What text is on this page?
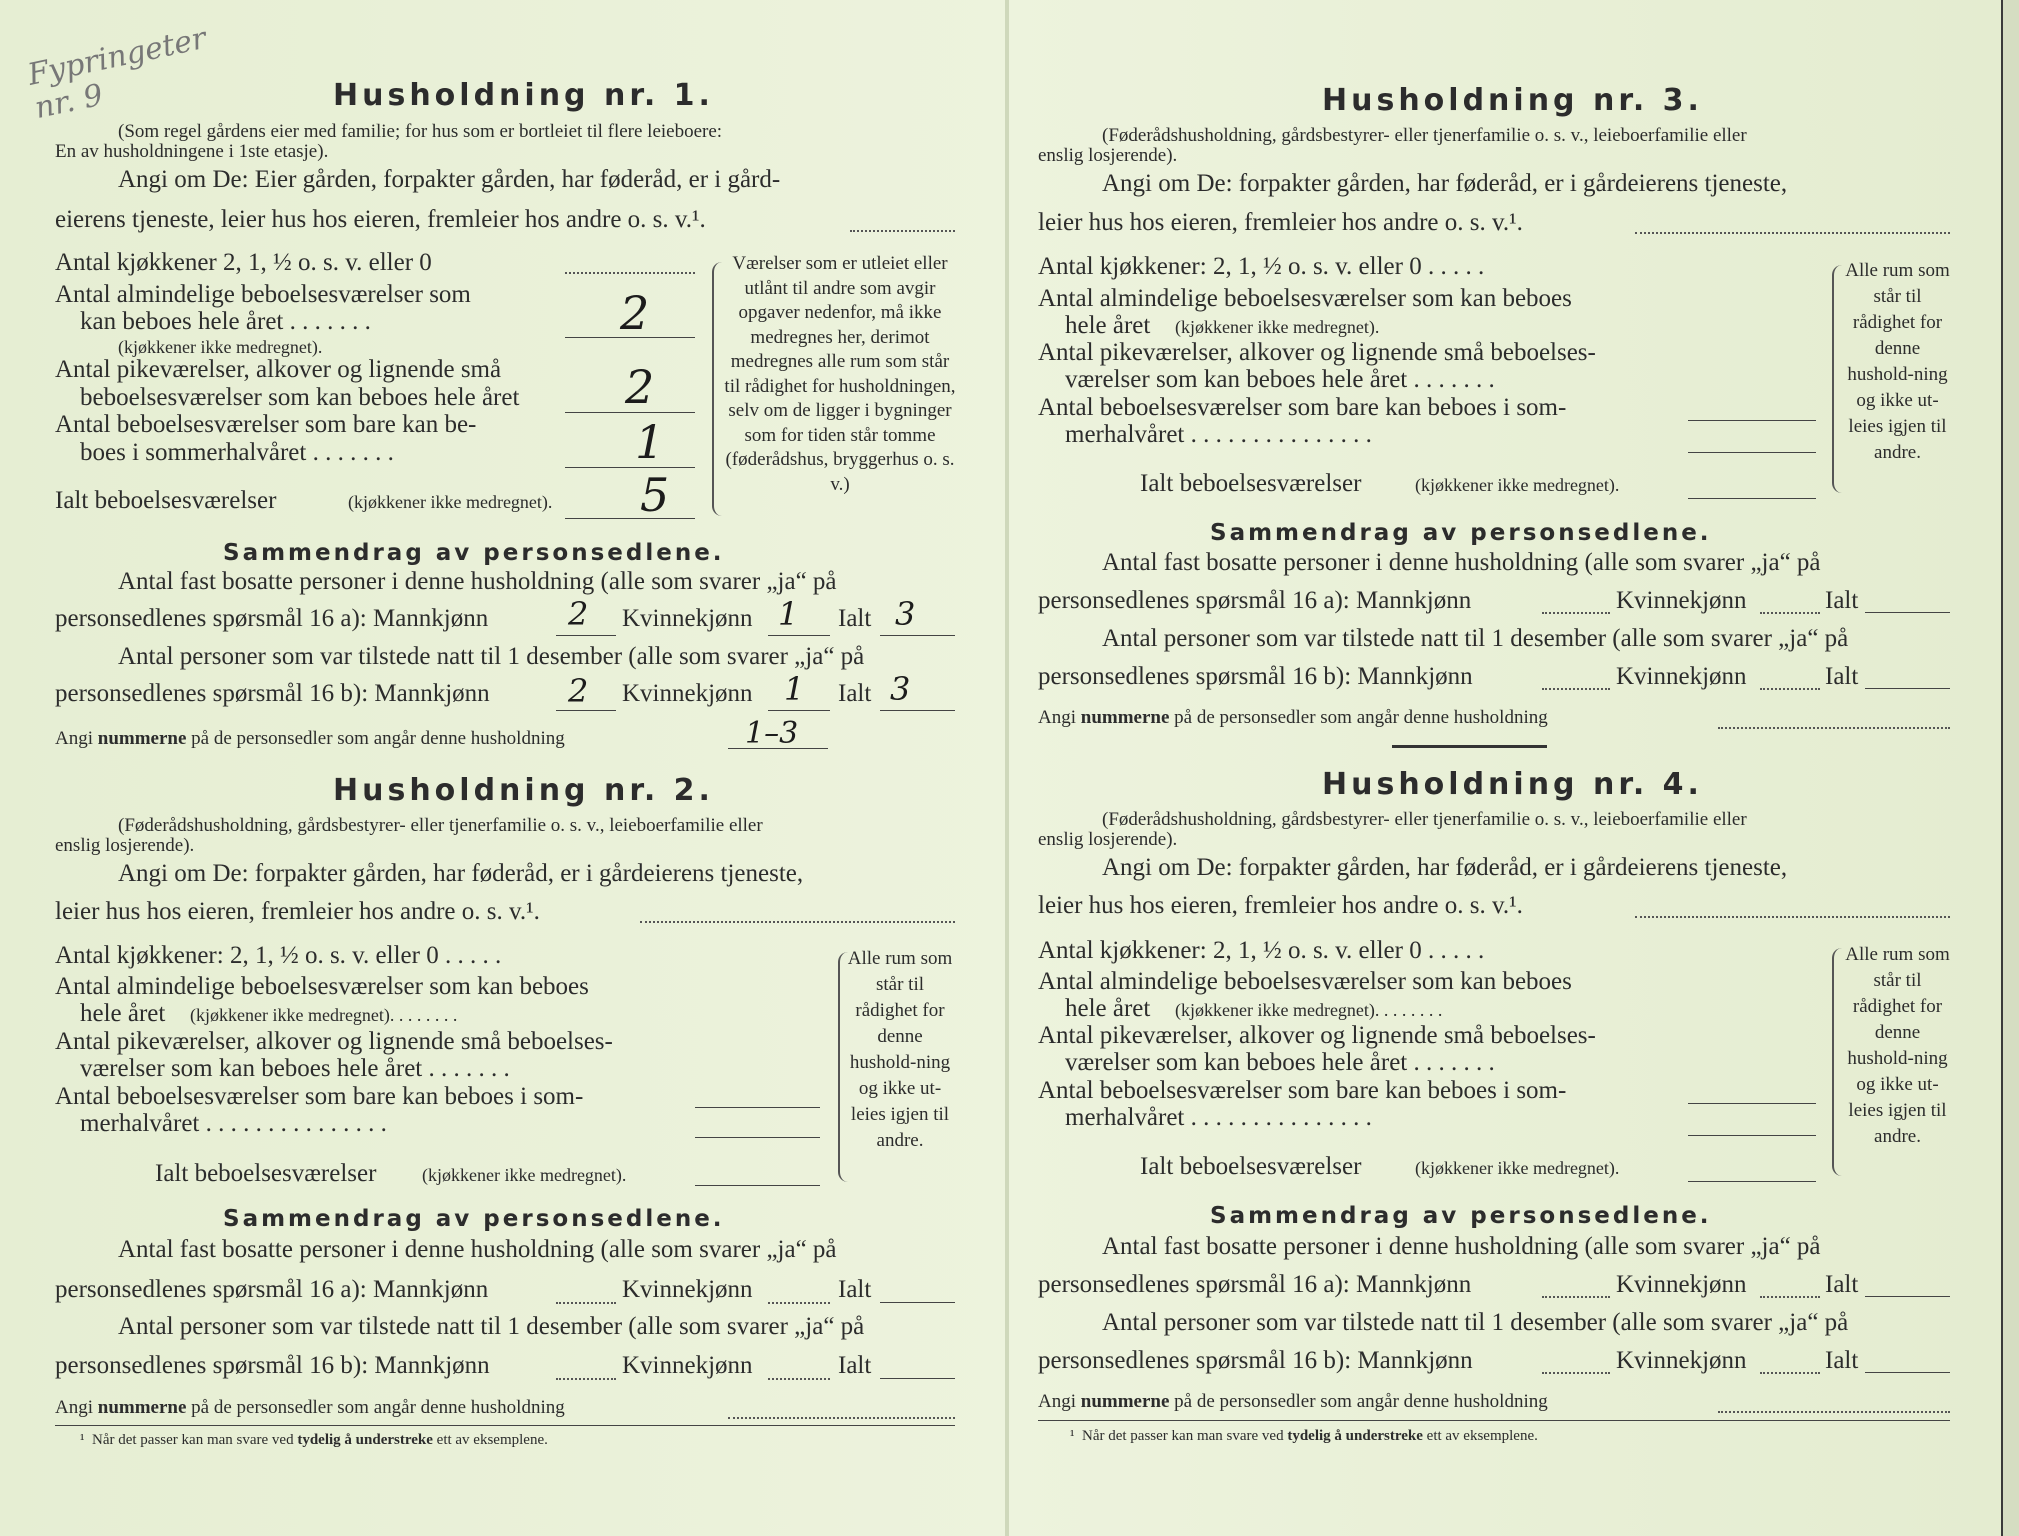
Fypringeter
nr. 9	Husholdning nr. 1.
(Som regel gårdens eier med familie; for hus som er bortleiet til flere leieboere:
En av husholdningene i 1ste etasje).
Angi om De: Eier gården, forpakter gården, har føderåd, er i gård-
eierens tjeneste, leier hus hos eieren, fremleier hos andre o. s. v.¹.
Antal kjøkkener 2, 1, ½ o. s. v. eller 0
Antal almindelige beboelsesværelser som
kan beboes hele året . . . . . . .
(kjøkkener ikke medregnet).
2
Antal pikeværelser, alkover og lignende små
beboelsesværelser som kan beboes hele året 2
Antal beboelsesværelser som bare kan be-
boes i sommerhalvåret . . . . . . .	1
Ialt beboelsesværelser	(kjøkkener ikke medregnet). 5
Værelser som er utleiet eller utlånt til andre som avgir opgaver nedenfor, må ikke medregnes her, derimot medregnes alle rum som står til rådighet for husholdningen, selv om de ligger i bygninger som for tiden står tomme (føderådshus, bryggerhus o. s. v.)
Sammendrag av personsedlene.
Antal fast bosatte personer i denne husholdning (alle som svarer „ja“ på
personsedlenes spørsmål 16 a): Mannkjønn 2 Kvinnekjønn 1 Ialt 3
Antal personer som var tilstede natt til 1 desember (alle som svarer „ja“ på
personsedlenes spørsmål 16 b): Mannkjønn 2 Kvinnekjønn 1 Ialt 3
Angi nummerne på de personsedler som angår denne husholdning	1–3
Husholdning nr. 2.
(Føderådshusholdning, gårdsbestyrer- eller tjenerfamilie o. s. v., leieboerfamilie eller
enslig losjerende).
Angi om De: forpakter gården, har føderåd, er i gårdeierens tjeneste,
leier hus hos eieren, fremleier hos andre o. s. v.¹.
Antal kjøkkener: 2, 1, ½ o. s. v. eller 0 . . . . .
Antal almindelige beboelsesværelser som kan beboes
hele året (kjøkkener ikke medregnet). . . . . . . .
Antal pikeværelser, alkover og lignende små beboelses-
værelser som kan beboes hele året . . . . . . .
Antal beboelsesværelser som bare kan beboes i som-
merhalvåret . . . . . . . . . . . . . . .
Ialt beboelsesværelser	(kjøkkener ikke medregnet).
Alle rum som står til rådighet for denne hushold-ning og ikke ut-leies igjen til andre.
Sammendrag av personsedlene.
Antal fast bosatte personer i denne husholdning (alle som svarer „ja“ på
personsedlenes spørsmål 16 a): Mannkjønn	Kvinnekjønn	Ialt
Antal personer som var tilstede natt til 1 desember (alle som svarer „ja“ på
personsedlenes spørsmål 16 b): Mannkjønn	Kvinnekjønn	Ialt
Angi nummerne på de personsedler som angår denne husholdning
¹ Når det passer kan man svare ved tydelig å understreke ett av eksemplene.
Husholdning nr. 3.
(Føderådshusholdning, gårdsbestyrer- eller tjenerfamilie o. s. v., leieboerfamilie eller
enslig losjerende).
Angi om De: forpakter gården, har føderåd, er i gårdeierens tjeneste,
leier hus hos eieren, fremleier hos andre o. s. v.¹.
Antal kjøkkener: 2, 1, ½ o. s. v. eller 0 . . . . .
Antal almindelige beboelsesværelser som kan beboes
hele året (kjøkkener ikke medregnet).
Antal pikeværelser, alkover og lignende små beboelses-
værelser som kan beboes hele året . . . . . . .
Antal beboelsesværelser som bare kan beboes i som-
merhalvåret . . . . . . . . . . . . . . .
Ialt beboelsesværelser	(kjøkkener ikke medregnet).
Alle rum som står til rådighet for denne hushold-ning og ikke ut-leies igjen til andre.
Sammendrag av personsedlene.
Antal fast bosatte personer i denne husholdning (alle som svarer „ja“ på
personsedlenes spørsmål 16 a): Mannkjønn	Kvinnekjønn	Ialt
Antal personer som var tilstede natt til 1 desember (alle som svarer „ja“ på
personsedlenes spørsmål 16 b): Mannkjønn	Kvinnekjønn	Ialt
Angi nummerne på de personsedler som angår denne husholdning
Husholdning nr. 4.
(Føderådshusholdning, gårdsbestyrer- eller tjenerfamilie o. s. v., leieboerfamilie eller
enslig losjerende).
Angi om De: forpakter gården, har føderåd, er i gårdeierens tjeneste,
leier hus hos eieren, fremleier hos andre o. s. v.¹.
Antal kjøkkener: 2, 1, ½ o. s. v. eller 0 . . . . .
Antal almindelige beboelsesværelser som kan beboes
hele året (kjøkkener ikke medregnet). . . . . . . .
Antal pikeværelser, alkover og lignende små beboelses-
værelser som kan beboes hele året . . . . . . .
Antal beboelsesværelser som bare kan beboes i som-
merhalvåret . . . . . . . . . . . . . . .
Ialt beboelsesværelser	(kjøkkener ikke medregnet).
Alle rum som står til rådighet for denne hushold-ning og ikke ut-leies igjen til andre.
Sammendrag av personsedlene.
Antal fast bosatte personer i denne husholdning (alle som svarer „ja“ på
personsedlenes spørsmål 16 a): Mannkjønn	Kvinnekjønn	Ialt
Antal personer som var tilstede natt til 1 desember (alle som svarer „ja“ på
personsedlenes spørsmål 16 b): Mannkjønn	Kvinnekjønn	Ialt
Angi nummerne på de personsedler som angår denne husholdning
¹ Når det passer kan man svare ved tydelig å understreke ett av eksemplene.
